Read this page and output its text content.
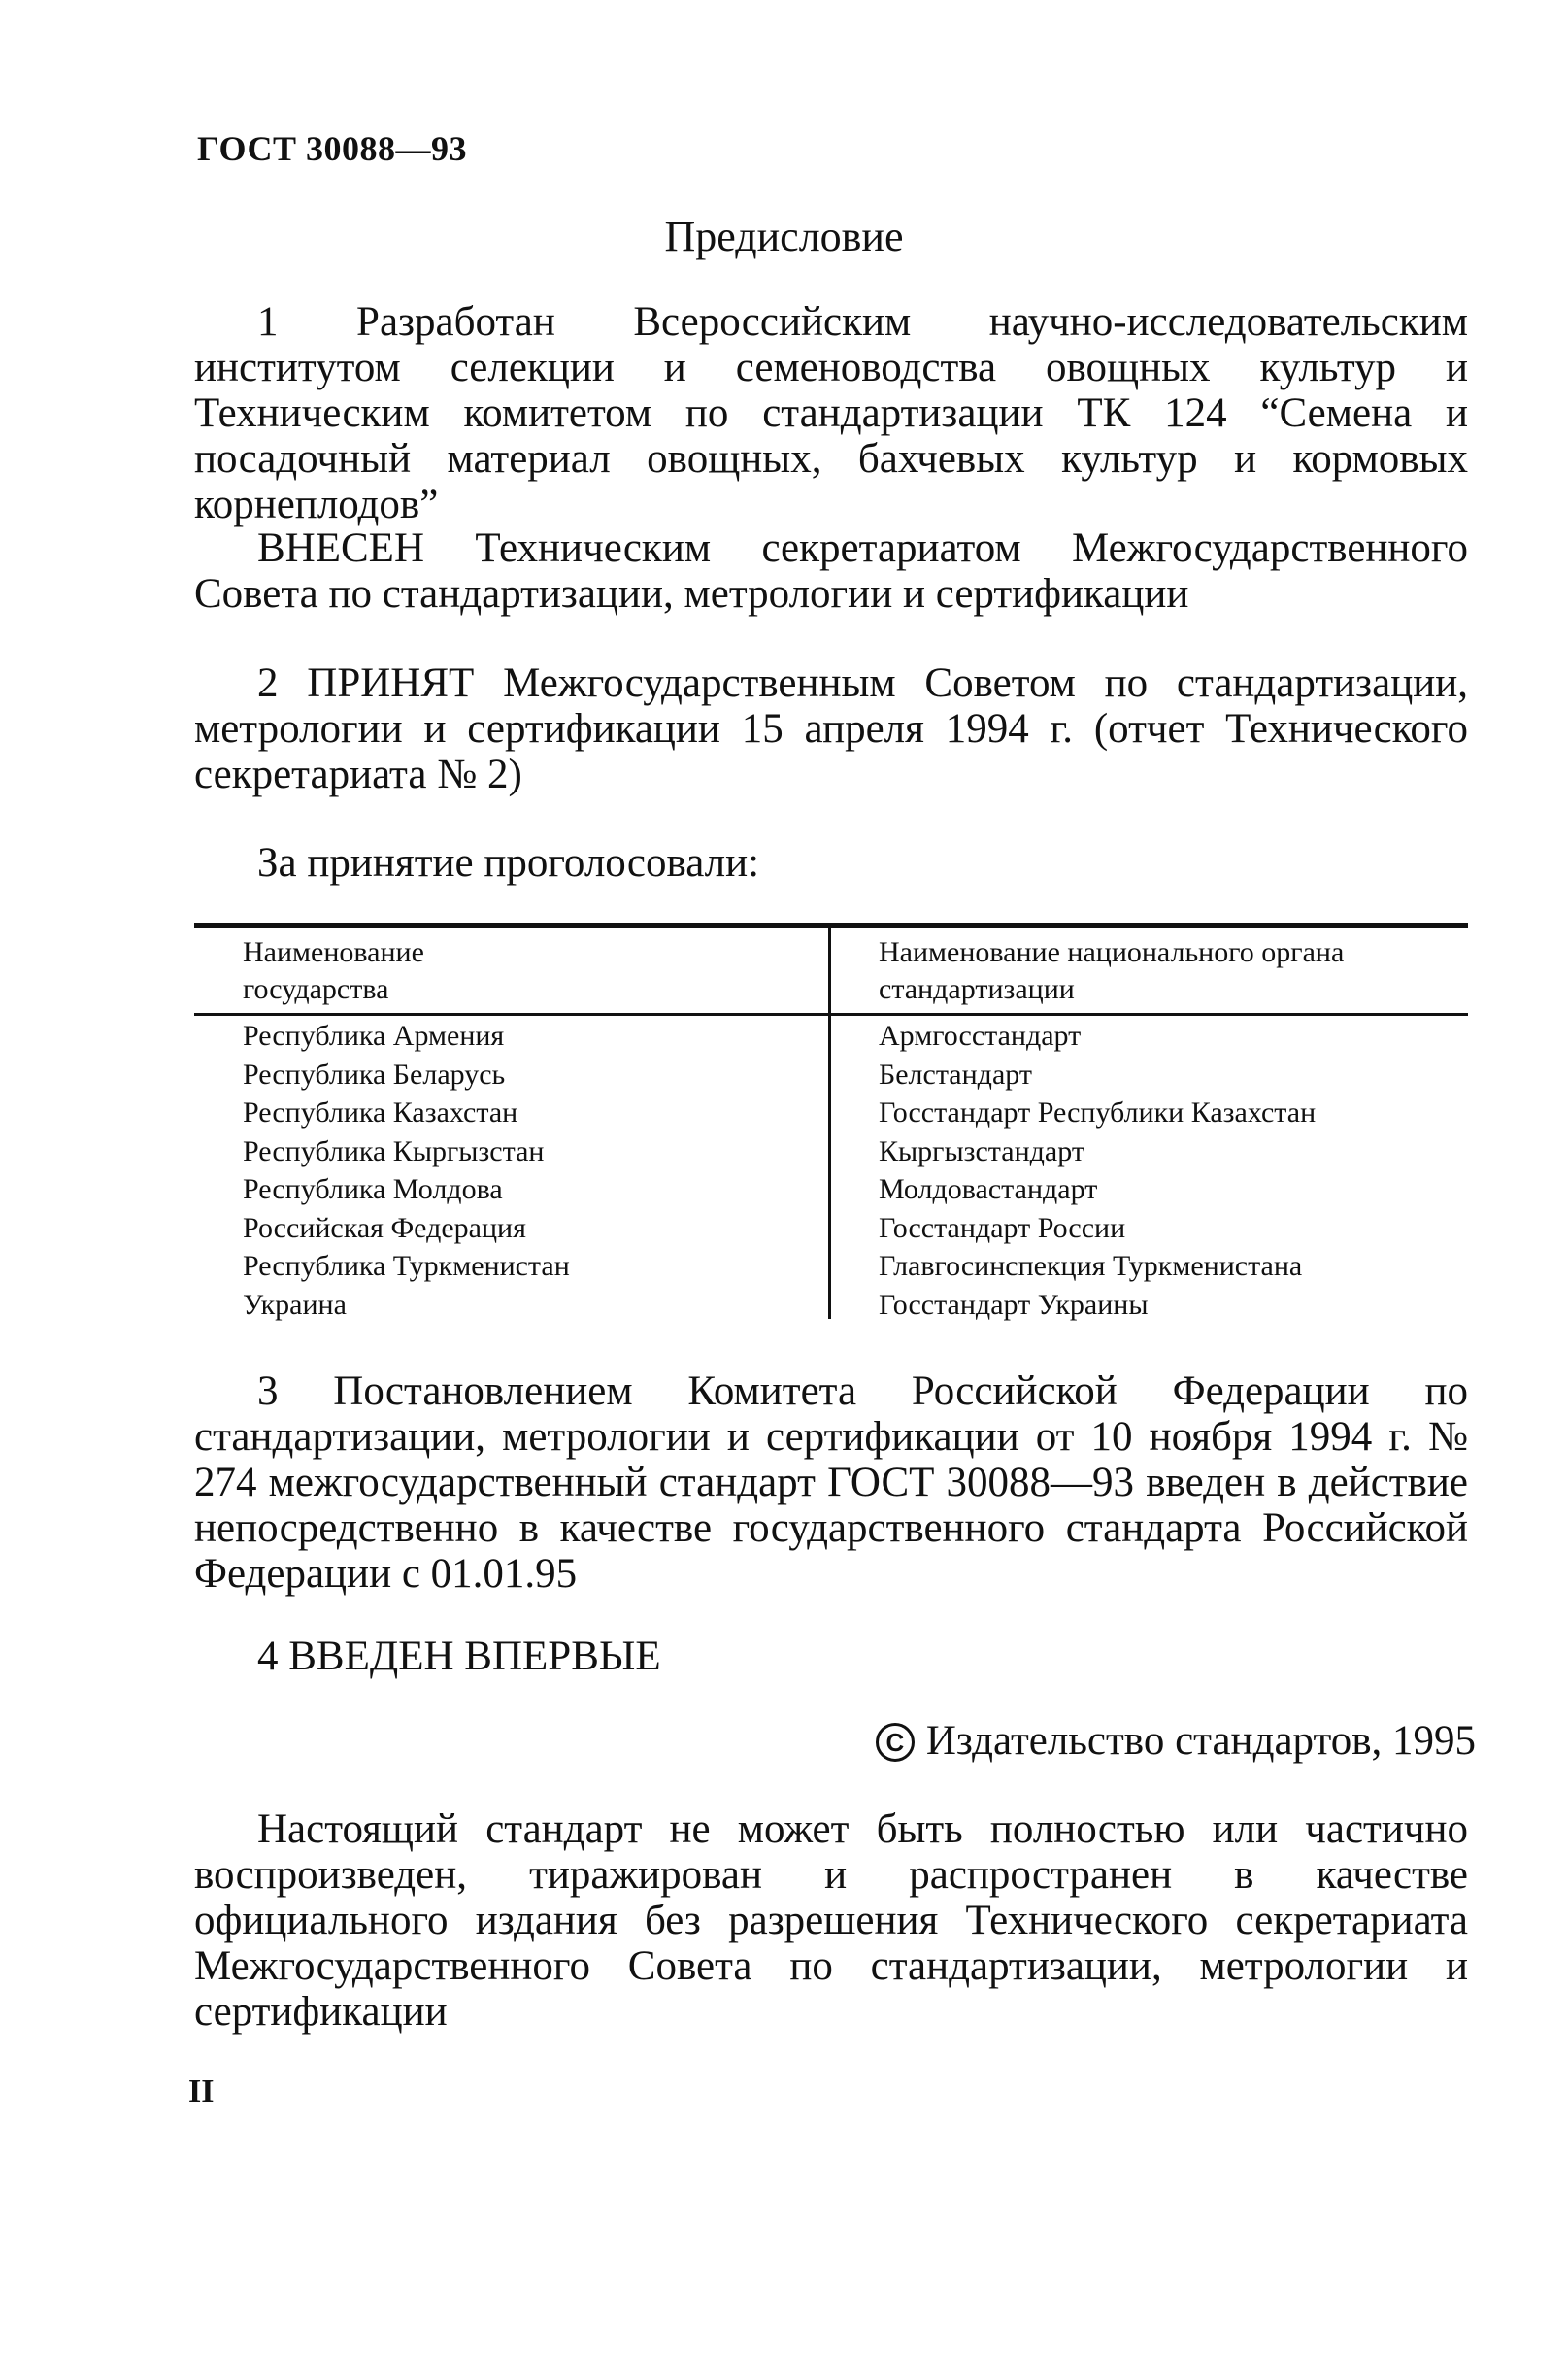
ГОСТ 30088—93
Предисловие

1 Разработан Всероссийским научно-исследовательским институтом селекции и семеноводства овощных культур и Техническим комитетом по стандартизации ТК 124 “Семена и посадочный материал овощных, бахчевых культур и кормовых корнеплодов”

ВНЕСЕН Техническим секретариатом Межгосударственного Совета по стандартизации, метрологии и сертификации

2 ПРИНЯТ Межгосударственным Советом по стандартизации, метрологии и сертификации 15 апреля 1994 г. (отчет Технического секретариата № 2)

За принятие проголосовали:

Наименование государства
Наименование национального органа стандартизации
Республика Армения
Республика Беларусь
Республика Казахстан
Республика Кыргызстан
Республика Молдова
Российская Федерация
Республика Туркменистан
Украина
Армгосстандарт
Белстандарт
Госстандарт Республики Казахстан
Кыргызстандарт
Молдовастандарт
Госстандарт России
Главгосинспекция Туркменистана
Госстандарт Украины

3 Постановлением Комитета Российской Федерации по стандартизации, метрологии и сертификации от 10 ноября 1994 г. № 274 межгосударственный стандарт ГОСТ 30088—93 введен в действие непосредственно в качестве государственного стандарта Российской Федерации с 01.01.95

4 ВВЕДЕН ВПЕРВЫЕ

C Издательство стандартов, 1995

Настоящий стандарт не может быть полностью или частично воспроизведен, тиражирован и распространен в качестве официального издания без разрешения Технического секретариата Межгосударственного Совета по стандартизации, метрологии и сертификации

II
